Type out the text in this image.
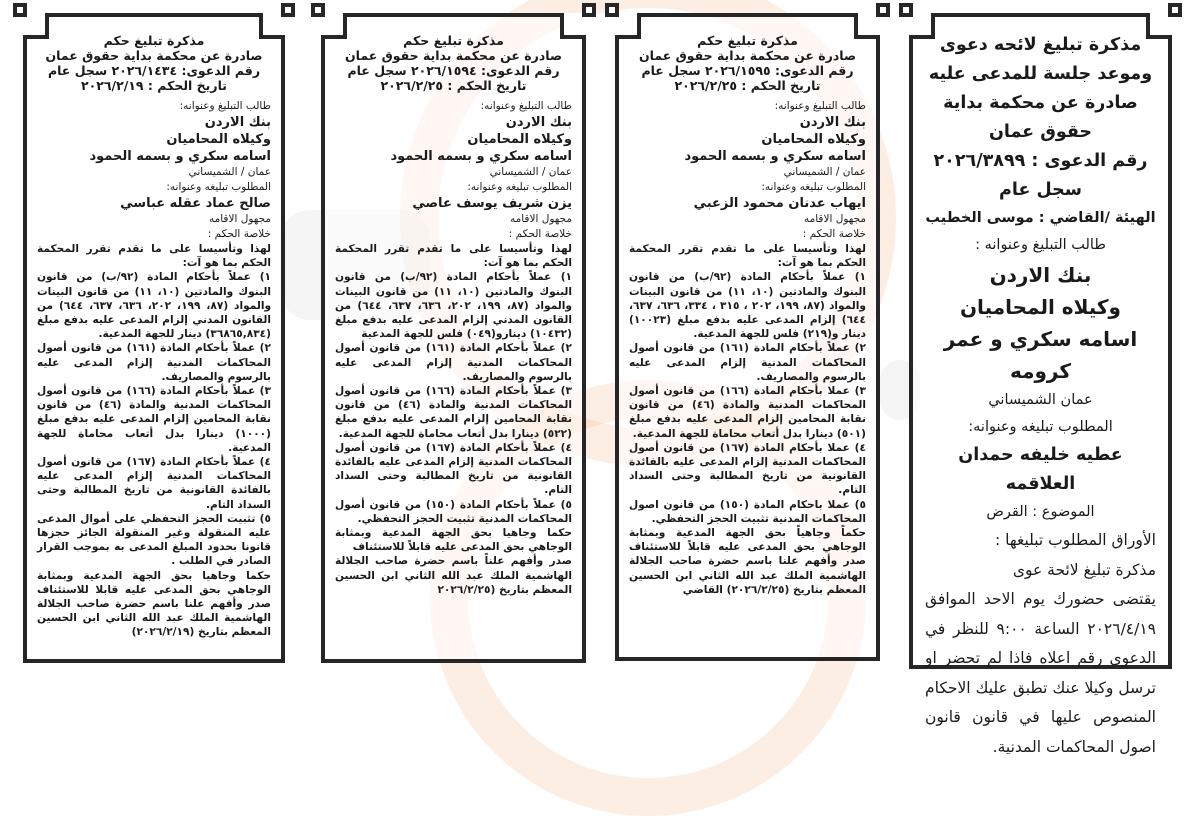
مذكرة تبليغ حكم
صادرة عن محكمة بداية حقوق عمان
رقم الدعوى: ٢٠٢٦/١٤٣٤ سجل عام
تاريخ الحكم : ٢٠٢٦/٢/١٩
طالب التبليغ وعنوانه:
بنك الاردن
وكيلاه المحاميان
اسامه سكري و بسمه الحمود
عمان / الشميساني
المطلوب تبليغه وعنوانه:
صالح عماد عقله عباسي
مجهول الاقامه
خلاصة الحكم :

لهذا وتأسيسا على ما تقدم تقرر المحكمة الحكم بما هو آت:

١) عملاً بأحكام المادة (٩٢/ب) من قانون البنوك والمادتين (١٠، ١١) من قانون البينات والمواد (٨٧، ١٩٩، ٢٠٢، ٦٣٦، ٦٣٧، ٦٤٤) من القانون المدني إلزام المدعى عليه بدفع مبلغ (٣٦٨٦٥,٨٣٤) دينار للجهة المدعية.

٢) عملاً بأحكام المادة (١٦١) من قانون أصول المحاكمات المدنية إلزام المدعى عليه بالرسوم والمصاريف.

٣) عملاً بأحكام المادة (١٦٦) من قانون أصول المحاكمات المدنية والمادة (٤٦) من قانون نقابة المحامين إلزام المدعى عليه بدفع مبلغ (١٠٠٠) دينارا بدل أتعاب محاماة للجهة المدعية.

٤) عملاً بأحكام المادة (١٦٧) من قانون أصول المحاكمات المدنية إلزام المدعى عليه بالفائدة القانونية من تاريخ المطالبة وحتى السداد التام.

٥) تثبيت الحجز التحفظي على أموال المدعى عليه المنقولة وغير المنقولة الجائز حجزها قانونا بحدود المبلغ المدعى به بموجب القرار الصادر في الطلب .

حكما وجاهيا بحق الجهة المدعية وبمثابة الوجاهي بحق المدعى عليه قابلا للاستئناف صدر وأفهم علنا باسم حضرة صاحب الجلالة الهاشمية الملك عبد الله الثاني ابن الحسين المعظم بتاريخ (٢٠٢٦/٢/١٩)

مذكرة تبليغ حكم
صادرة عن محكمة بداية حقوق عمان
رقم الدعوى: ٢٠٢٦/١٥٩٤ سجل عام
تاريخ الحكم : ٢٠٢٦/٢/٢٥
طالب التبليغ وعنوانه:
بنك الاردن
وكيلاه المحاميان
اسامه سكري و بسمه الحمود
عمان / الشميساني
المطلوب تبليغه وعنوانه:
يزن شريف يوسف عاصي
مجهول الاقامه
خلاصة الحكم :

لهذا وتأسيسا على ما تقدم تقرر المحكمة الحكم بما هو آت:

١) عملاً بأحكام المادة (٩٢/ب) من قانون البنوك والمادتين (١٠، ١١) من قانون البينات والمواد (٨٧، ١٩٩، ٢٠٢، ٦٣٦، ٦٣٧، ٦٤٤) من القانون المدني إلزام المدعى عليه بدفع مبلغ (١٠٤٣٢) دينارو(٠٤٩) فلس للجهة المدعية

٢) عملاً بأحكام المادة (١٦١) من قانون أصول المحاكمات المدنية إلزام المدعى عليه بالرسوم والمصاريف.

٣) عملاً بأحكام المادة (١٦٦) من قانون أصول المحاكمات المدنية والمادة (٤٦) من قانون نقابة المحامين إلزام المدعى عليه بدفع مبلغ (٥٢٢) دينارا بدل أتعاب محاماة للجهة المدعية.

٤) عملاً بأحكام المادة (١٦٧) من قانون أصول المحاكمات المدنية إلزام المدعى عليه بالفائدة القانونية من تاريخ المطالبة وحتى السداد التام.

٥) عملاً بأحكام المادة (١٥٠) من قانون أصول المحاكمات المدنية تثبيت الحجز التحفظي.

حكما وجاهيا بحق الجهة المدعية وبمثابة الوجاهي بحق المدعى عليه قابلاً للاستئناف

صدر وأفهم علناً باسم حضرة صاحب الجلالة الهاشمية الملك عبد الله الثاني ابن الحسين المعظم بتاريخ (٢٠٢٦/٢/٢٥

مذكرة تبليغ حكم
صادرة عن محكمة بداية حقوق عمان
رقم الدعوى: ٢٠٢٦/١٥٩٥ سجل عام
تاريخ الحكم : ٢٠٢٦/٢/٢٥
طالب التبليغ وعنوانه:
بنك الاردن
وكيلاه المحاميان
اسامه سكري و بسمه الحمود
عمان / الشميساني
المطلوب تبليغه وعنوانه:
ايهاب عدنان محمود الزعبي
مجهول الاقامه
خلاصة الحكم :

لهذا وتأسيسا على ما تقدم تقرر المحكمة الحكم بما هو آت:

١) عملاً بأحكام المادة (٩٢/ب) من قانون البنوك والمادتين (١٠، ١١) من قانون البينات والمواد (٨٧، ١٩٩، ٢٠٢ ، ٣١٥ ، ٣٣٤، ٦٣٦، ٦٣٧، ٦٤٤) إلزام المدعى عليه بدفع مبلغ (١٠٠٢٣) دينار و(٢١٩) فلس للجهة المدعية.

٢) عملاً بأحكام المادة (١٦١) من قانون أصول المحاكمات المدنية إلزام المدعى عليه بالرسوم والمصاريف.

٣) عملا بأحكام المادة (١٦٦) من قانون أصول المحاكمات المدنية والمادة (٤٦) من قانون نقابة المحامين إلزام المدعى عليه بدفع مبلغ (٥٠١) دينارا بدل أتعاب محاماة للجهة المدعية.

٤) عملا بأحكام المادة (١٦٧) من قانون أصول المحاكمات المدنية إلزام المدعى عليه بالفائدة القانونية من تاريخ المطالبة وحتى السداد التام.

٥) عملا باحكام المادة (١٥٠) من قانون اصول المحاكمات المدنية تثبيت الحجز التحفظي.

حكماً وجاهياً بحق الجهة المدعية وبمثابة الوجاهي بحق المدعى عليه قابلاً للاستئناف صدر وأفهم علنا باسم حضرة صاحب الجلالة الهاشمية الملك عبد الله الثاني ابن الحسين المعظم بتاريخ (٢٠٢٦/٢/٢٥) القاضي

مذكرة تبليغ لائحه دعوى
وموعد جلسة للمدعى عليه
صادرة عن محكمة بداية حقوق عمان
رقم الدعوى : ٢٠٢٦/٣٨٩٩ سجل عام
الهيئة /القاضي : موسى الخطيب
طالب التبليغ وعنوانه :
بنك الاردن
وكيلاه المحاميان
اسامه سكري و عمر كرومه
عمان الشميساني
المطلوب تبليغه وعنوانه:
عطيه خليفه حمدان العلاقمه
الموضوع : القرض
الأوراق المطلوب تبليغها :
مذكرة تبليغ لائحة عوى
يقتضى حضورك يوم الاحد الموافق ٢٠٢٦/٤/١٩ الساعة ٩:٠٠ للنظر في الدعوى رقم اعلاه فاذا لم تحضر او ترسل وكيلا عنك تطبق عليك الاحكام المنصوص عليها في قانون قانون اصول المحاكمات المدنية.
